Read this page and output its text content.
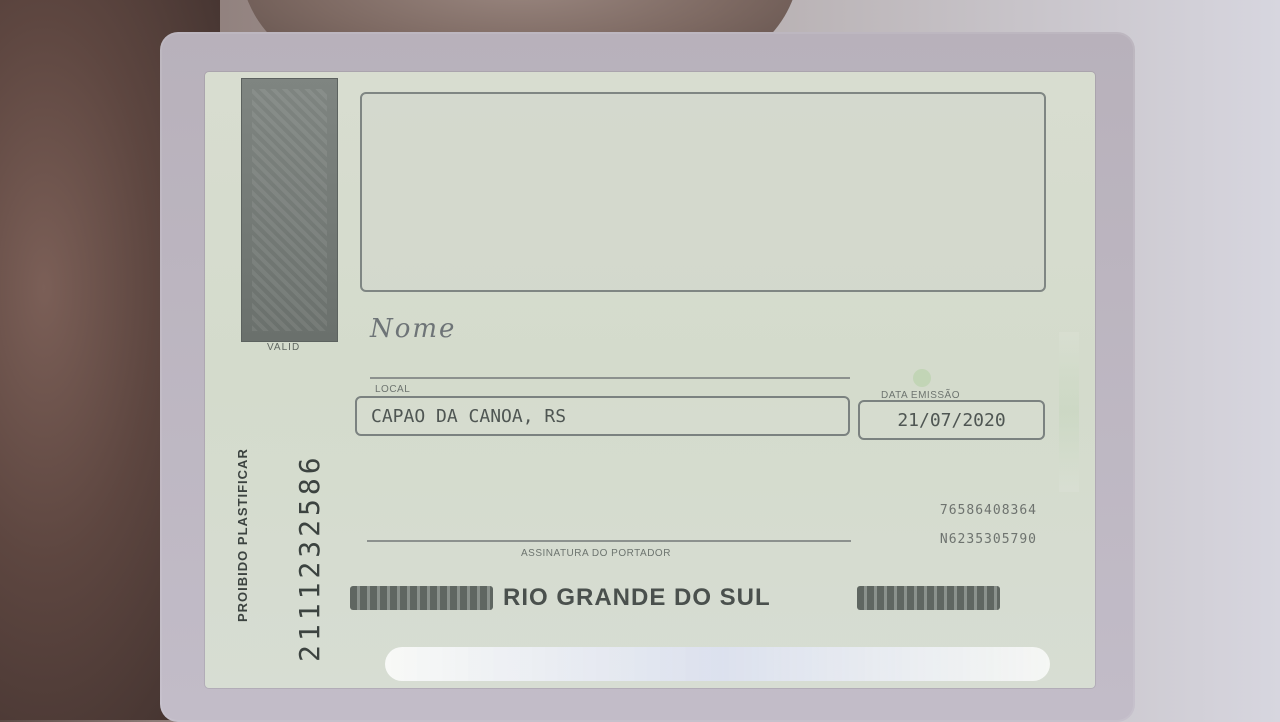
VALID
Nome
ASSINATURA DO PORTADOR
LOCAL
CAPAO DA CANOA, RS
DATA EMISSÃO
21/07/2020
76586408364
N6235305790
RIO GRANDE DO SUL
PROIBIDO PLASTIFICAR 2111232586
